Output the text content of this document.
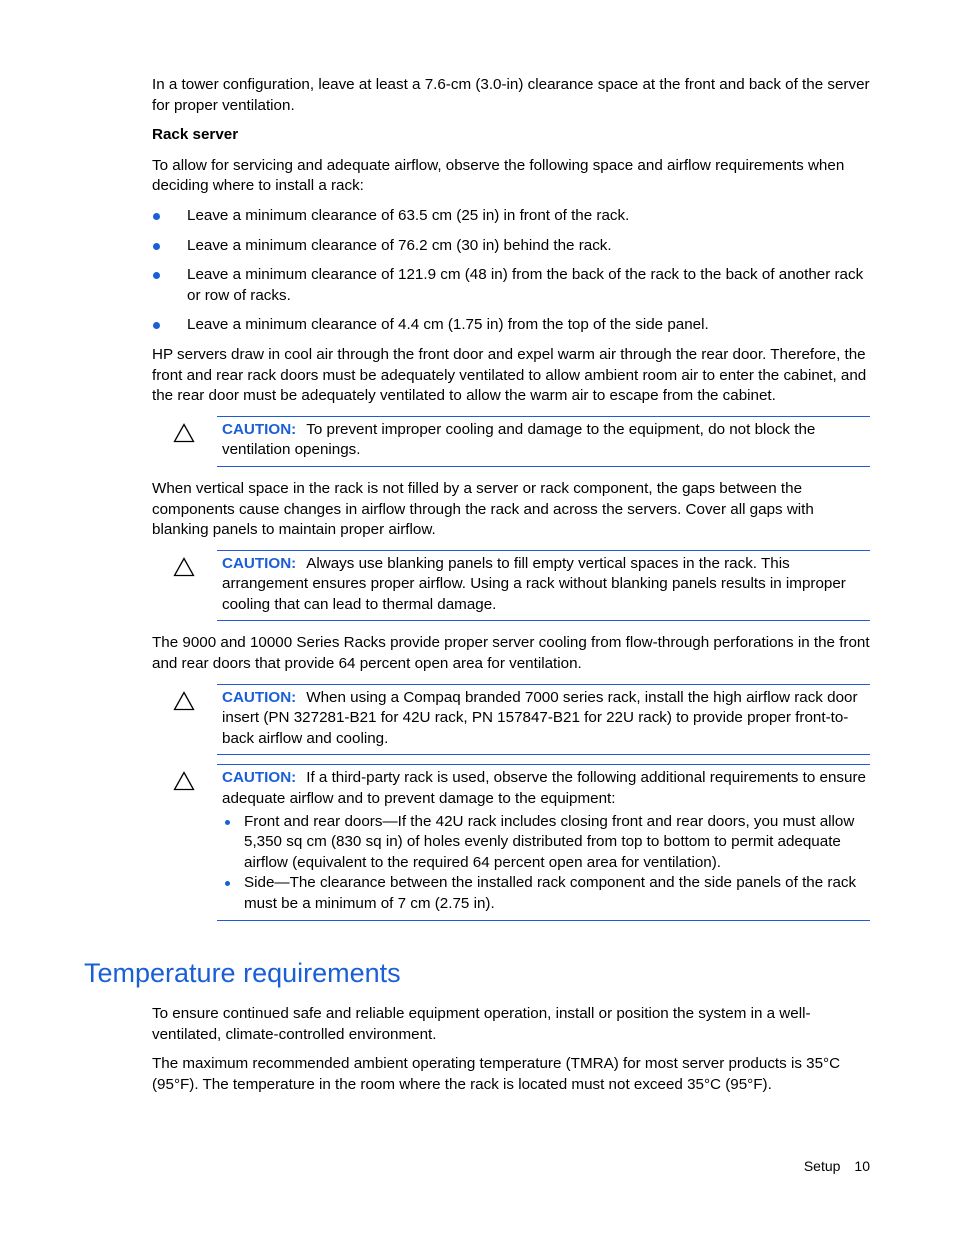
In a tower configuration, leave at least a 7.6-cm (3.0-in) clearance space at the front and back of the server for proper ventilation.

Rack server

To allow for servicing and adequate airflow, observe the following space and airflow requirements when deciding where to install a rack:

Leave a minimum clearance of 63.5 cm (25 in) in front of the rack.
Leave a minimum clearance of 76.2 cm (30 in) behind the rack.
Leave a minimum clearance of 121.9 cm (48 in) from the back of the rack to the back of another rack or row of racks.
Leave a minimum clearance of 4.4 cm (1.75 in) from the top of the side panel.

HP servers draw in cool air through the front door and expel warm air through the rear door. Therefore, the front and rear rack doors must be adequately ventilated to allow ambient room air to enter the cabinet, and the rear door must be adequately ventilated to allow the warm air to escape from the cabinet.

CAUTION: To prevent improper cooling and damage to the equipment, do not block the ventilation openings.

When vertical space in the rack is not filled by a server or rack component, the gaps between the components cause changes in airflow through the rack and across the servers. Cover all gaps with blanking panels to maintain proper airflow.

CAUTION: Always use blanking panels to fill empty vertical spaces in the rack. This arrangement ensures proper airflow. Using a rack without blanking panels results in improper cooling that can lead to thermal damage.

The 9000 and 10000 Series Racks provide proper server cooling from flow-through perforations in the front and rear doors that provide 64 percent open area for ventilation.

CAUTION: When using a Compaq branded 7000 series rack, install the high airflow rack door insert (PN 327281-B21 for 42U rack, PN 157847-B21 for 22U rack) to provide proper front-to-back airflow and cooling.
CAUTION: If a third-party rack is used, observe the following additional requirements to ensure adequate airflow and to prevent damage to the equipment:
Front and rear doors—If the 42U rack includes closing front and rear doors, you must allow 5,350 sq cm (830 sq in) of holes evenly distributed from top to bottom to permit adequate airflow (equivalent to the required 64 percent open area for ventilation).
Side—The clearance between the installed rack component and the side panels of the rack must be a minimum of 7 cm (2.75 in).
Temperature requirements

To ensure continued safe and reliable equipment operation, install or position the system in a well-ventilated, climate-controlled environment.

The maximum recommended ambient operating temperature (TMRA) for most server products is 35°C (95°F). The temperature in the room where the rack is located must not exceed 35°C (95°F).

Setup 10
